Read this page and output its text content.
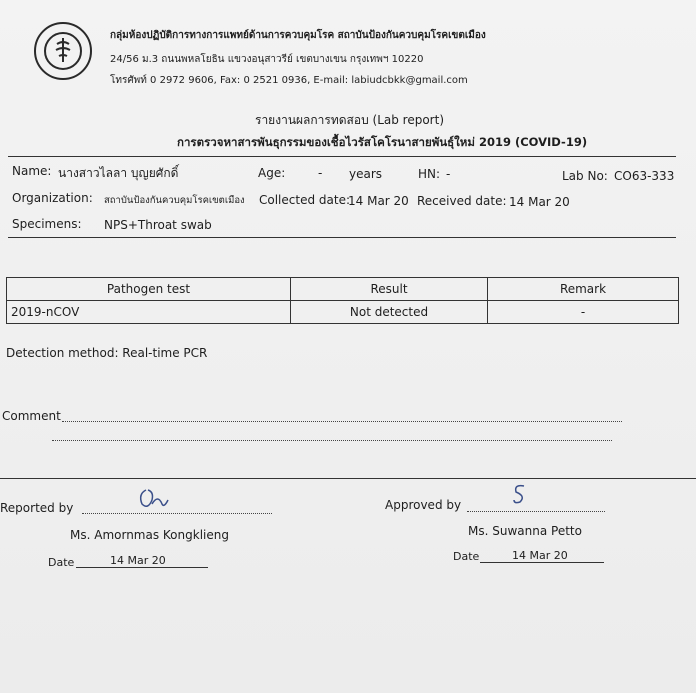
กลุ่มห้องปฏิบัติการทางการแพทย์ด้านการควบคุมโรค สถาบันป้องกันควบคุมโรคเขตเมือง
24/56 ม.3 ถนนพหลโยธิน แขวงอนุสาวรีย์ เขตบางเขน กรุงเทพฯ 10220
โทรศัพท์ 0 2972 9606, Fax: 0 2521 0936, E-mail: labiudcbkk@gmail.com
รายงานผลการทดสอบ (Lab report)
การตรวจหาสารพันธุกรรมของเชื้อไวรัสโคโรนาสายพันธุ์ใหม่ 2019 (COVID-19)
Name: นางสาวไลลา บุญยศักดิ์	Age:	- years	HN: -	Lab No: CO63-333
Organization: สถาบันป้องกันควบคุมโรคเขตเมือง Collected date:
14 Mar 20 Received date: 14 Mar 20
Specimens: NPS+Throat swab
Pathogen test	Result	Remark
2019-nCOV	Not detected	-
Detection method: Real-time PCR
Comment
Reported by
Ms. Amornmas Kongklieng
Date	14 Mar 20
Approved by
Ms. Suwanna Petto
Date	14 Mar 20
